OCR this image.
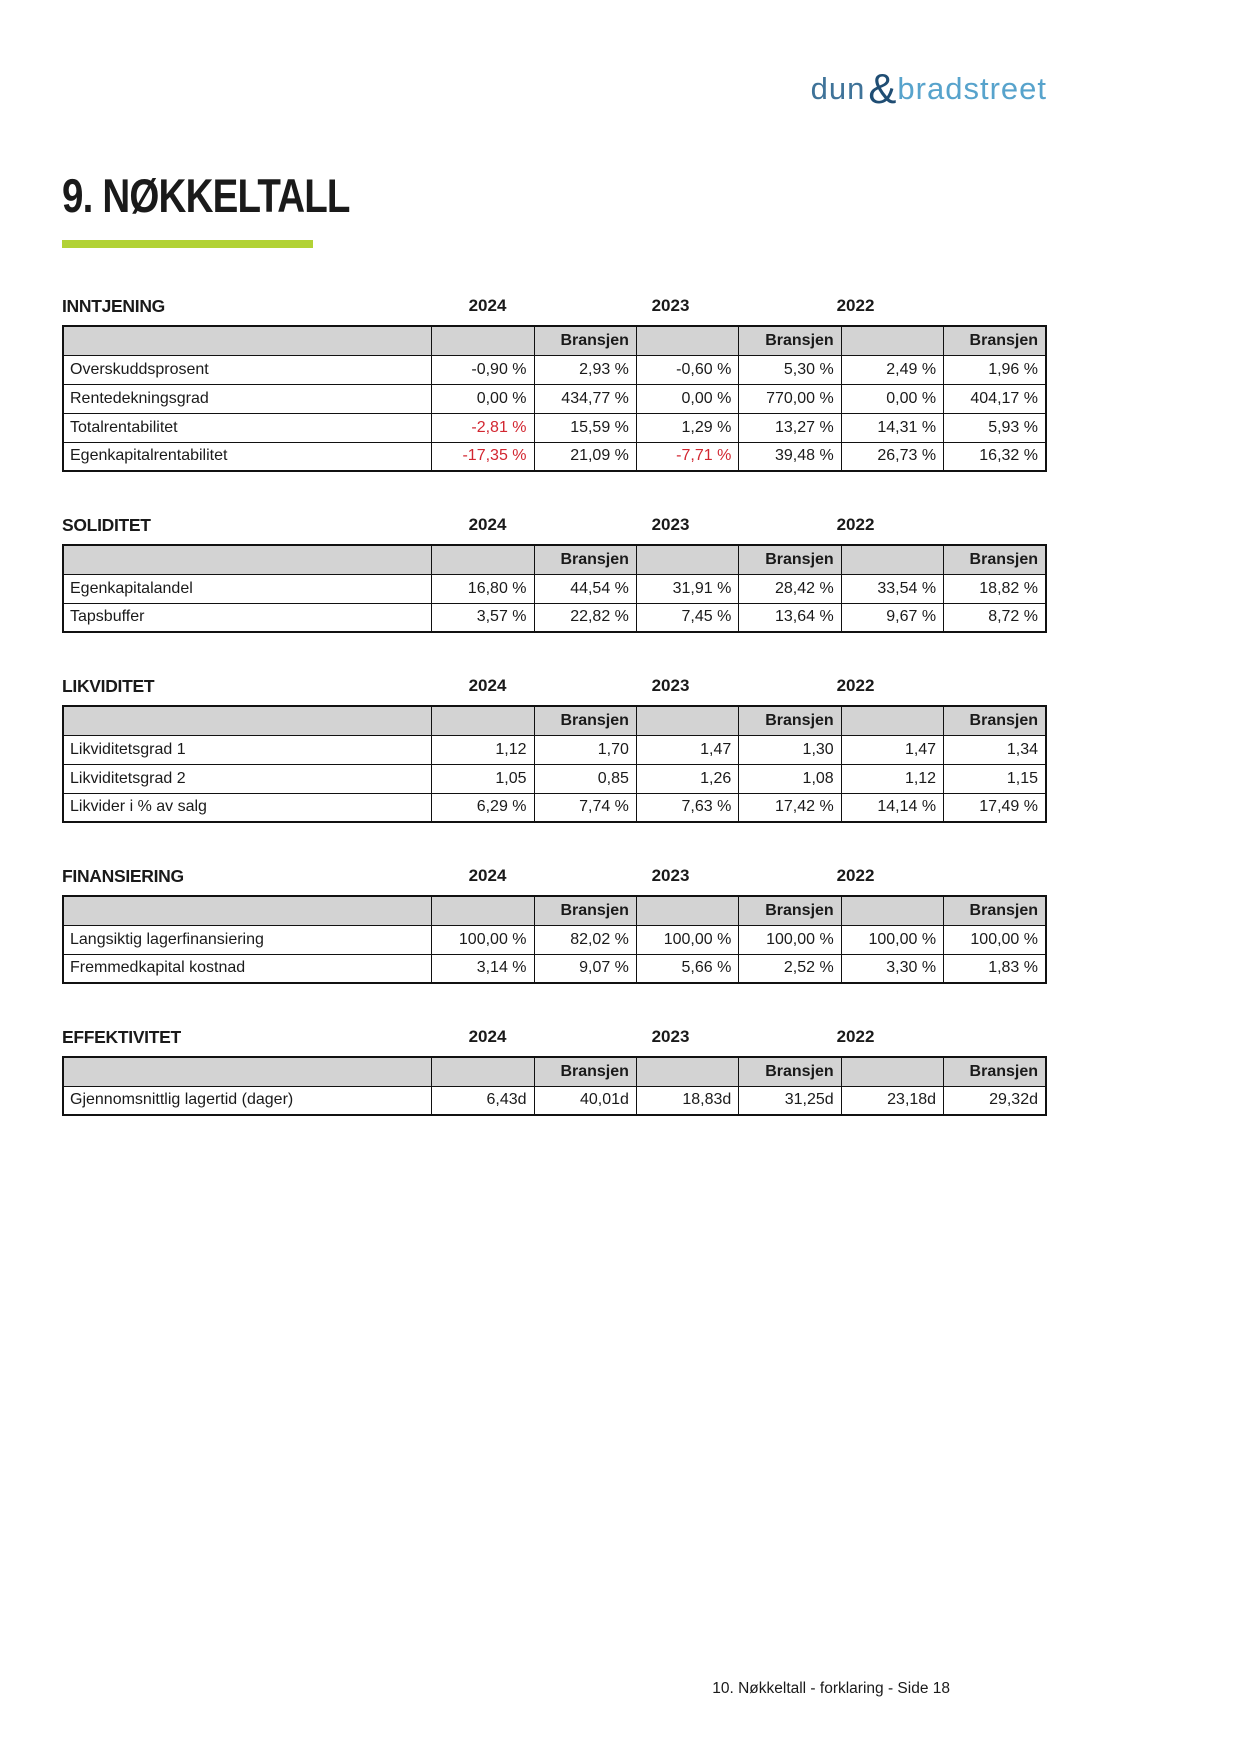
dun&bradstreet
9. NØKKELTALL
INNTJENING	2024	2023	2022
		Bransjen		Bransjen		Bransjen
Overskuddsprosent	-0,90 %	2,93 %	-0,60 %	5,30 %	2,49 %	1,96 %
Rentedekningsgrad	0,00 %	434,77 %	0,00 %	770,00 %	0,00 %	404,17 %
Totalrentabilitet	-2,81 %	15,59 %	1,29 %	13,27 %	14,31 %	5,93 %
Egenkapitalrentabilitet	-17,35 %	21,09 %	-7,71 %	39,48 %	26,73 %	16,32 %
SOLIDITET	2024	2023	2022
		Bransjen		Bransjen		Bransjen
Egenkapitalandel	16,80 %	44,54 %	31,91 %	28,42 %	33,54 %	18,82 %
Tapsbuffer	3,57 %	22,82 %	7,45 %	13,64 %	9,67 %	8,72 %
LIKVIDITET	2024	2023	2022
		Bransjen		Bransjen		Bransjen
Likviditetsgrad 1	1,12	1,70	1,47	1,30	1,47	1,34
Likviditetsgrad 2	1,05	0,85	1,26	1,08	1,12	1,15
Likvider i % av salg	6,29 %	7,74 %	7,63 %	17,42 %	14,14 %	17,49 %
FINANSIERING	2024	2023	2022
		Bransjen		Bransjen		Bransjen
Langsiktig lagerfinansiering	100,00 %	82,02 %	100,00 %	100,00 %	100,00 %	100,00 %
Fremmedkapital kostnad	3,14 %	9,07 %	5,66 %	2,52 %	3,30 %	1,83 %
EFFEKTIVITET	2024	2023	2022
		Bransjen		Bransjen		Bransjen
Gjennomsnittlig lagertid (dager)	6,43d	40,01d	18,83d	31,25d	23,18d	29,32d
10. Nøkkeltall - forklaring - Side 18
